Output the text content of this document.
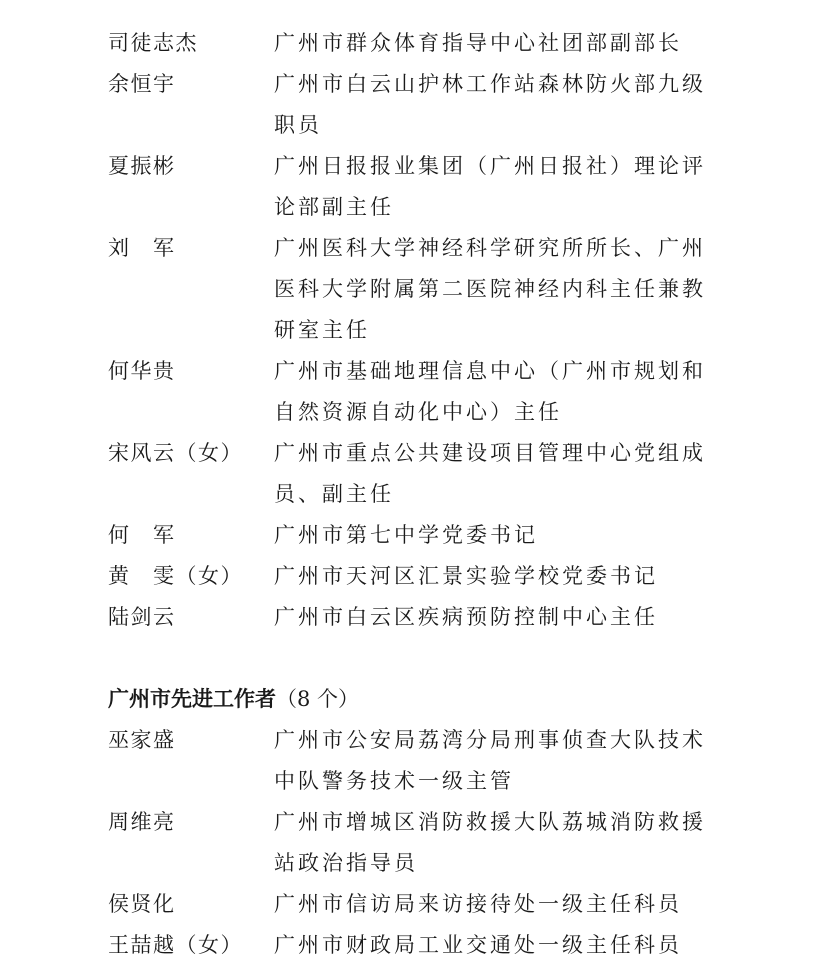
司徒志杰	广州市群众体育指导中心社团部副部长
余恒宇	广州市白云山护林工作站森林防火部九级职员
夏振彬	广州日报报业集团（广州日报社）理论评论部副主任
刘　军	广州医科大学神经科学研究所所长、广州医科大学附属第二医院神经内科主任兼教研室主任
何华贵	广州市基础地理信息中心（广州市规划和自然资源自动化中心）主任
宋风云（女）	广州市重点公共建设项目管理中心党组成员、副主任
何　军	广州市第七中学党委书记
黄　雯（女）	广州市天河区汇景实验学校党委书记
陆剑云	广州市白云区疾病预防控制中心主任
广州市先进工作者（8 个）
巫家盛	广州市公安局荔湾分局刑事侦查大队技术中队警务技术一级主管
周维亮	广州市增城区消防救援大队荔城消防救援站政治指导员
侯贤化	广州市信访局来访接待处一级主任科员
王喆越（女）	广州市财政局工业交通处一级主任科员
